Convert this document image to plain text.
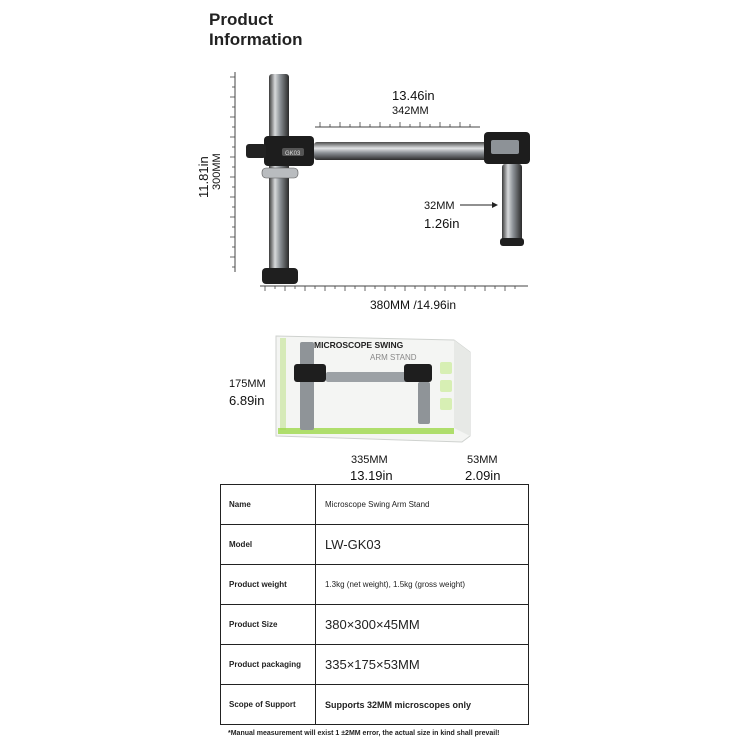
Product
Information
11.81in 300MM
13.46in
342MM
GK03
32MM
1.26in
380MM /14.96in
MICROSCOPE SWING
ARM STAND
175MM
6.89in
335MM
13.19in
53MM
2.09in
Name	Microscope Swing Arm Stand
Model	LW-GK03
Product weight	1.3kg (net weight), 1.5kg (gross weight)
Product Size	380×300×45MM
Product packaging	335×175×53MM
Scope of Support	Supports 32MM microscopes only
*Manual measurement will exist 1 ±2MM error, the actual size in kind shall prevail!
